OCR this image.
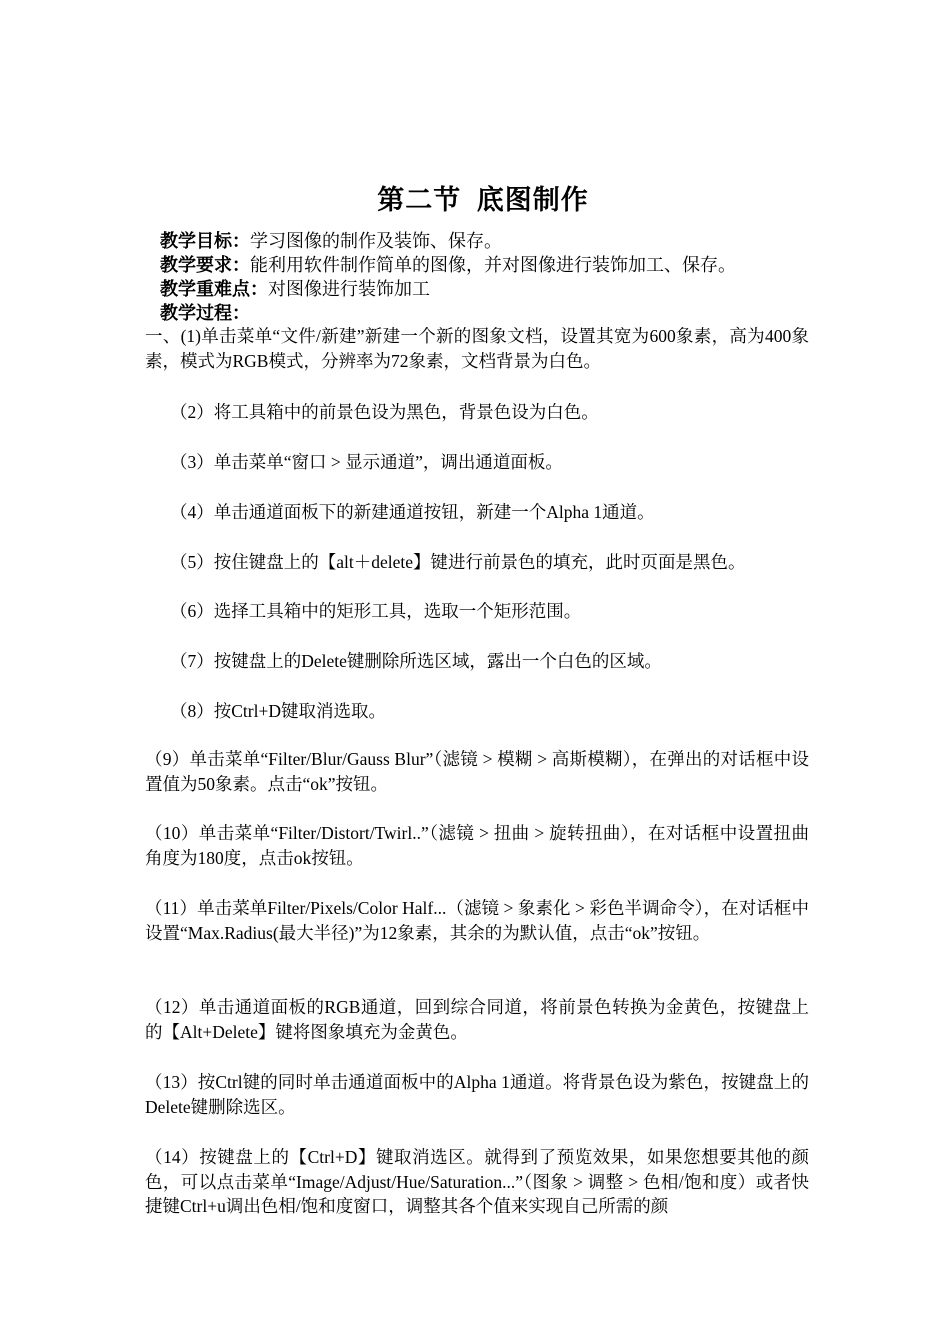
第二节  底图制作
教学目标：学习图像的制作及装饰、保存。
教学要求：能利用软件制作简单的图像，并对图像进行装饰加工、保存。
教学重难点：对图像进行装饰加工
教学过程：
一、(1)单击菜单“文件/新建”新建一个新的图象文档，设置其宽为600象素，高为400象素，模式为RGB模式，分辨率为72象素，文档背景为白色。
（2）将工具箱中的前景色设为黑色，背景色设为白色。
（3）单击菜单“窗口 > 显示通道”，调出通道面板。
（4）单击通道面板下的新建通道按钮，新建一个Alpha 1通道。
（5）按住键盘上的【alt＋delete】键进行前景色的填充，此时页面是黑色。
（6）选择工具箱中的矩形工具，选取一个矩形范围。
（7）按键盘上的Delete键删除所选区域，露出一个白色的区域。
（8）按Ctrl+D键取消选取。
（9）单击菜单“Filter/Blur/Gauss Blur”（滤镜 > 模糊 > 高斯模糊），在弹出的对话框中设置值为50象素。点击“ok”按钮。
（10）单击菜单“Filter/Distort/Twirl..”（滤镜 > 扭曲 > 旋转扭曲），在对话框中设置扭曲角度为180度，点击ok按钮。
（11）单击菜单Filter/Pixels/Color Half...（滤镜 > 象素化 > 彩色半调命令），在对话框中设置“Max.Radius(最大半径)”为12象素，其余的为默认值，点击“ok”按钮。
（12）单击通道面板的RGB通道，回到综合同道，将前景色转换为金黄色，按键盘上的【Alt+Delete】键将图象填充为金黄色。
（13）按Ctrl键的同时单击通道面板中的Alpha 1通道。将背景色设为紫色，按键盘上的Delete键删除选区。
（14）按键盘上的【Ctrl+D】键取消选区。就得到了预览效果，如果您想要其他的颜色，可以点击菜单“Image/Adjust/Hue/Saturation...”（图象 > 调整 > 色相/饱和度）或者快捷键Ctrl+u调出色相/饱和度窗口，调整其各个值来实现自己所需的颜
